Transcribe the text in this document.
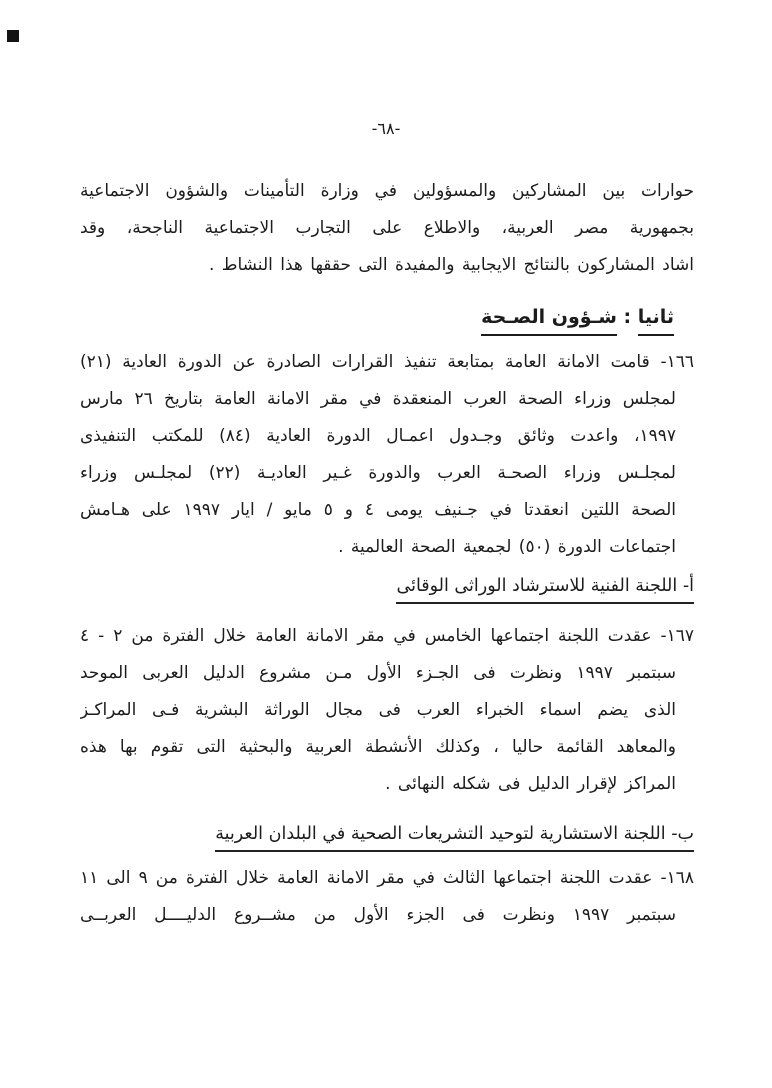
-٦٨-
حوارات بين المشاركين والمسؤولين في وزارة التأمينات والشؤون الاجتماعية
بجمهورية مصر العربية، والاطلاع على التجارب الاجتماعية الناجحة، وقد
اشاد المشاركون بالنتائج الايجابية والمفيدة التى حققها هذا النشاط .
ثانيا : شـؤون الصـحة
١٦٦- قامت الامانة العامة بمتابعة تنفيذ القرارات الصادرة عن الدورة العادية (٢١)
لمجلس وزراء الصحة العرب المنعقدة في مقر الامانة العامة بتاريخ ٢٦ مارس
١٩٩٧، واعدت وثائق وجـدول اعمـال الدورة العادية (٨٤) للمكتب التنفيذى
لمجلـس وزراء الصحـة العرب والدورة غـير العاديـة (٢٢) لمجلـس وزراء
الصحة اللتين انعقدتا في جـنيف يومى ٤ و ٥ مايو / ايار ١٩٩٧ على هـامش
اجتماعات الدورة (٥٠) لجمعية الصحة العالمية .
أ- اللجنة الفنية للاسترشاد الوراثى الوقائى
١٦٧- عقدت اللجنة اجتماعها الخامس في مقر الامانة العامة خلال الفترة من ٢ - ٤
سبتمبر ١٩٩٧ ونظرت فى الجـزء الأول مـن مشروع الدليل العربى الموحد
الذى يضم اسماء الخبراء العرب فى مجال الوراثة البشرية فـى المراكـز
والمعاهد القائمة حاليا ، وكذلك الأنشطة العربية والبحثية التى تقوم بها هذه
المراكز لإقرار الدليل فى شكله النهائى .
ب- اللجنة الاستشارية لتوحيد التشريعات الصحية في البلدان العربية
١٦٨- عقدت اللجنة اجتماعها الثالث في مقر الامانة العامة خلال الفترة من ٩ الى ١١
سبتمبر ١٩٩٧ ونظرت فى الجزء الأول من مشــروع الدليــــل العربــى
